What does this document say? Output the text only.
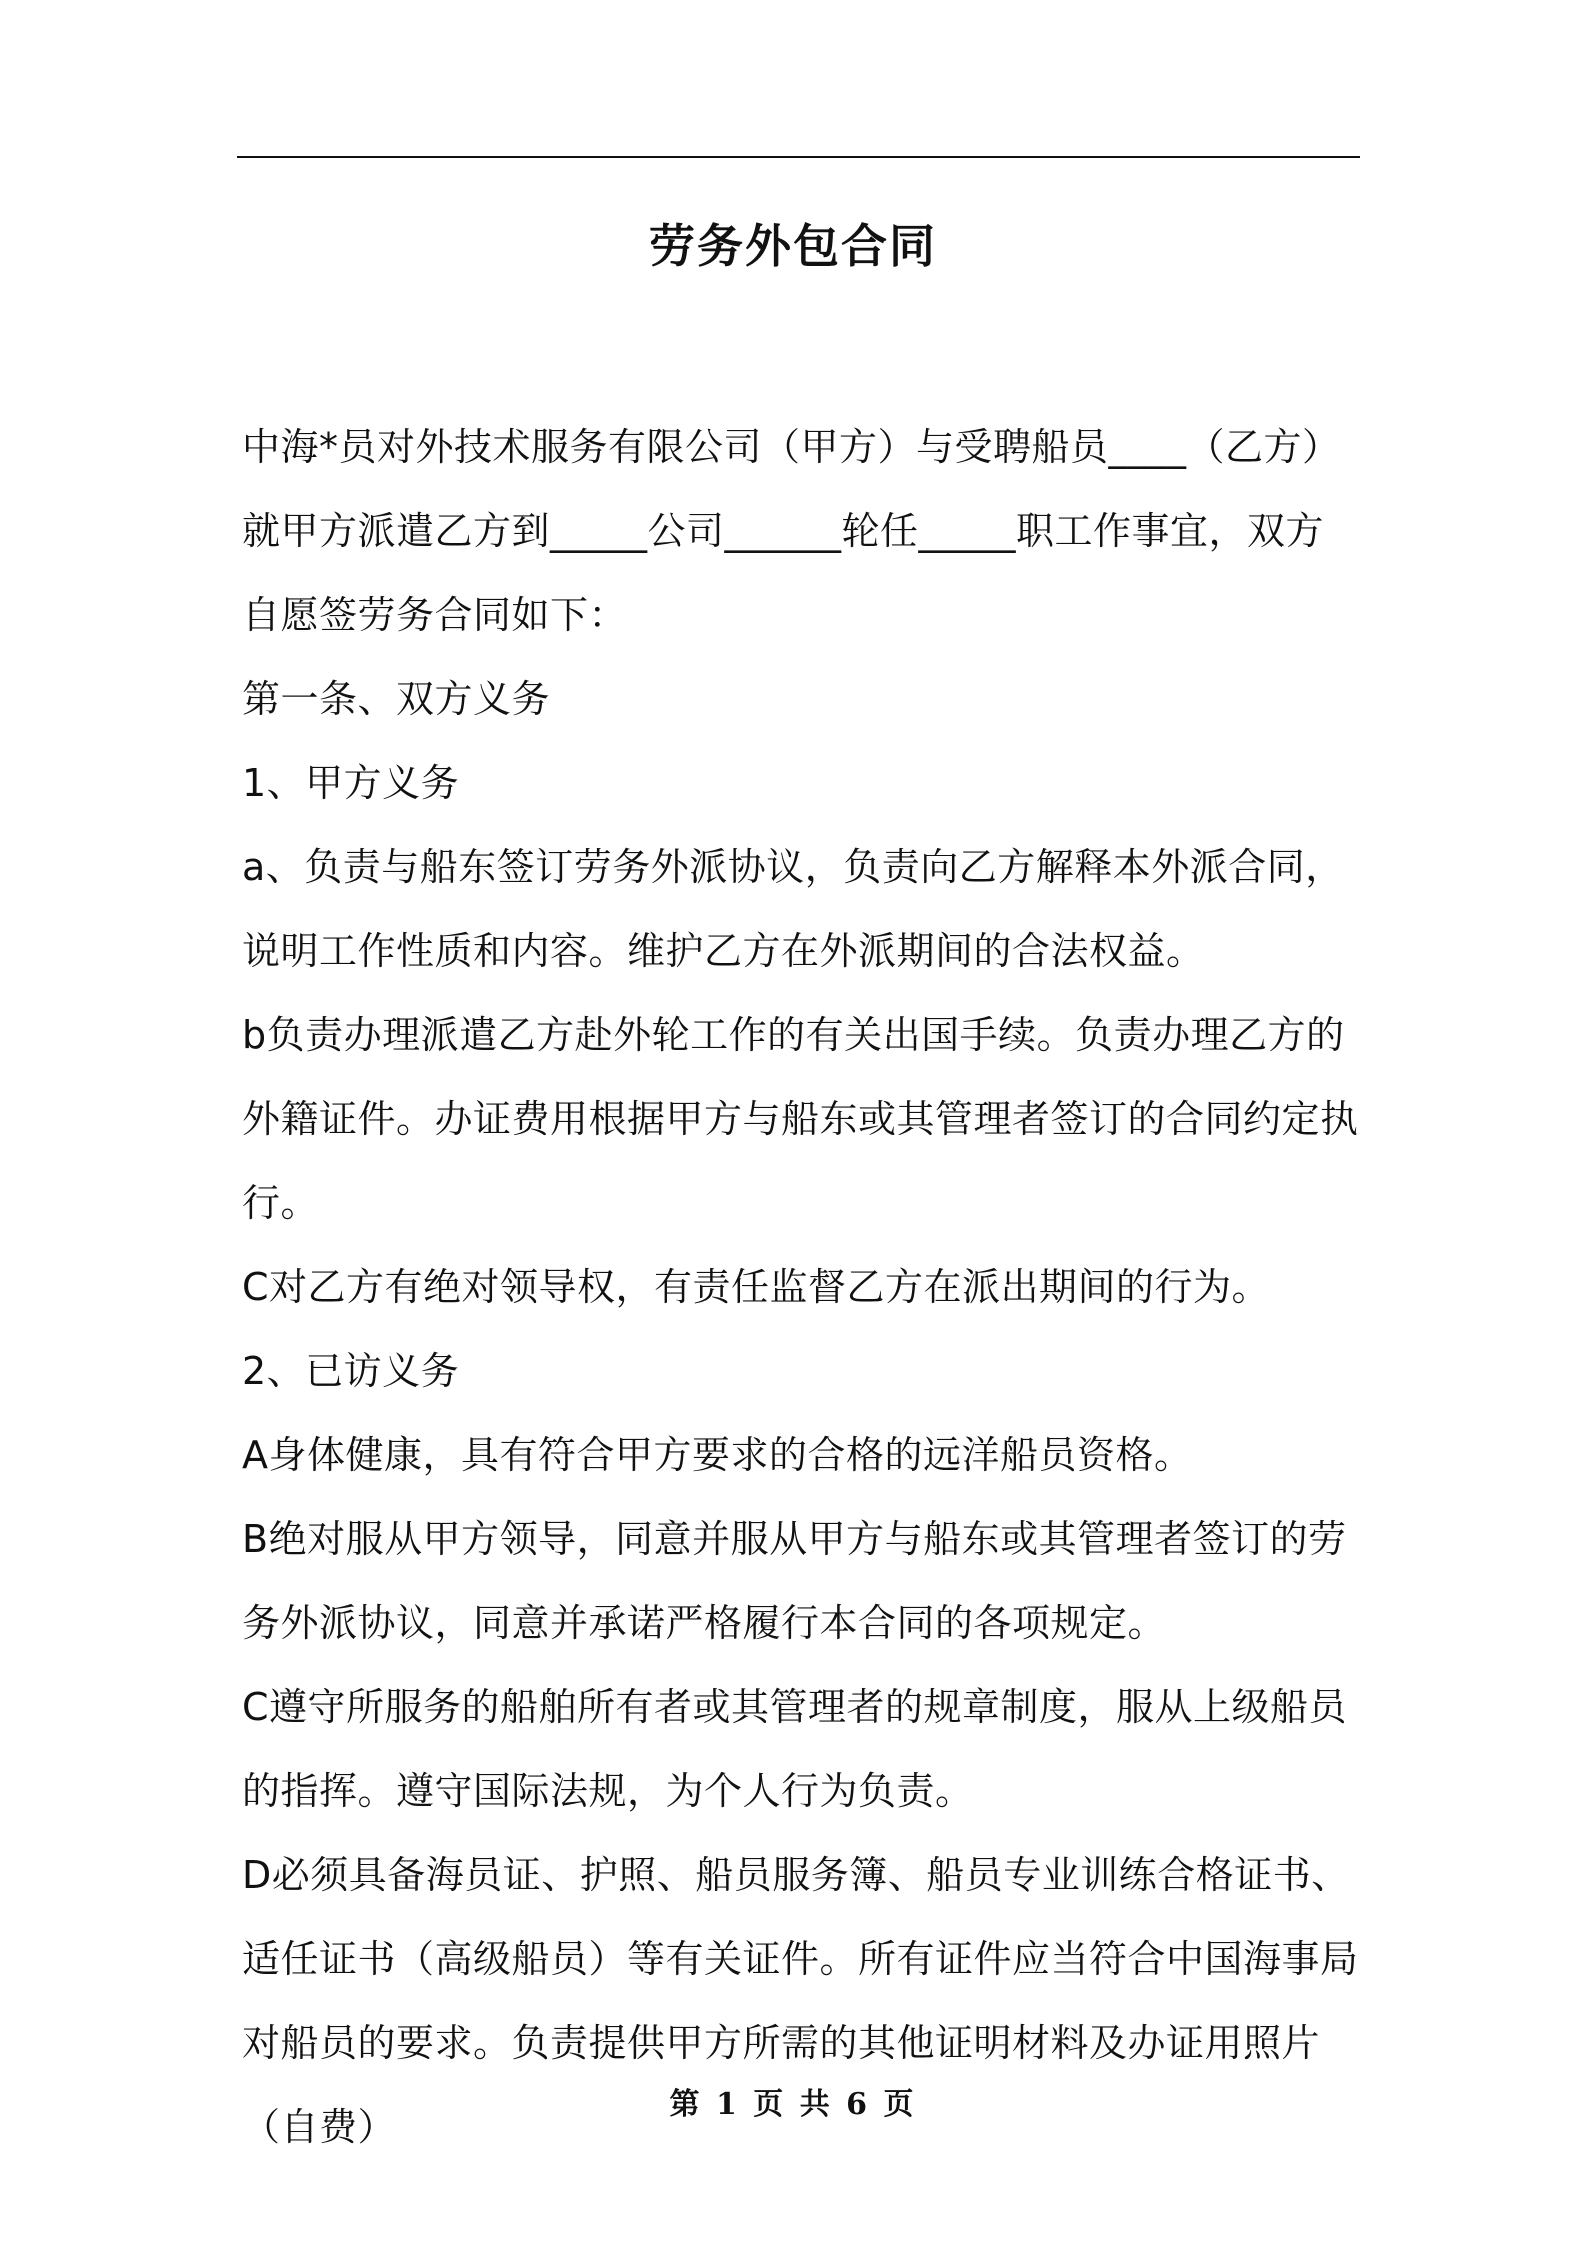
劳务外包合同

中海*员对外技术服务有限公司（甲方）与受聘船员____（乙方）就甲方派遣乙方到_____公司______轮任_____职工作事宜，双方自愿签劳务合同如下：

第一条、双方义务

1、甲方义务

a、负责与船东签订劳务外派协议，负责向乙方解释本外派合同，说明工作性质和内容。维护乙方在外派期间的合法权益。

b负责办理派遣乙方赴外轮工作的有关出国手续。负责办理乙方的外籍证件。办证费用根据甲方与船东或其管理者签订的合同约定执行。

C对乙方有绝对领导权，有责任监督乙方在派出期间的行为。

2、已访义务

A身体健康，具有符合甲方要求的合格的远洋船员资格。

B绝对服从甲方领导，同意并服从甲方与船东或其管理者签订的劳务外派协议，同意并承诺严格履行本合同的各项规定。

C遵守所服务的船舶所有者或其管理者的规章制度，服从上级船员的指挥。遵守国际法规，为个人行为负责。

D必须具备海员证、护照、船员服务簿、船员专业训练合格证书、适任证书（高级船员）等有关证件。所有证件应当符合中国海事局对船员的要求。负责提供甲方所需的其他证明材料及办证用照片（自费）

第 1 页 共 6 页
